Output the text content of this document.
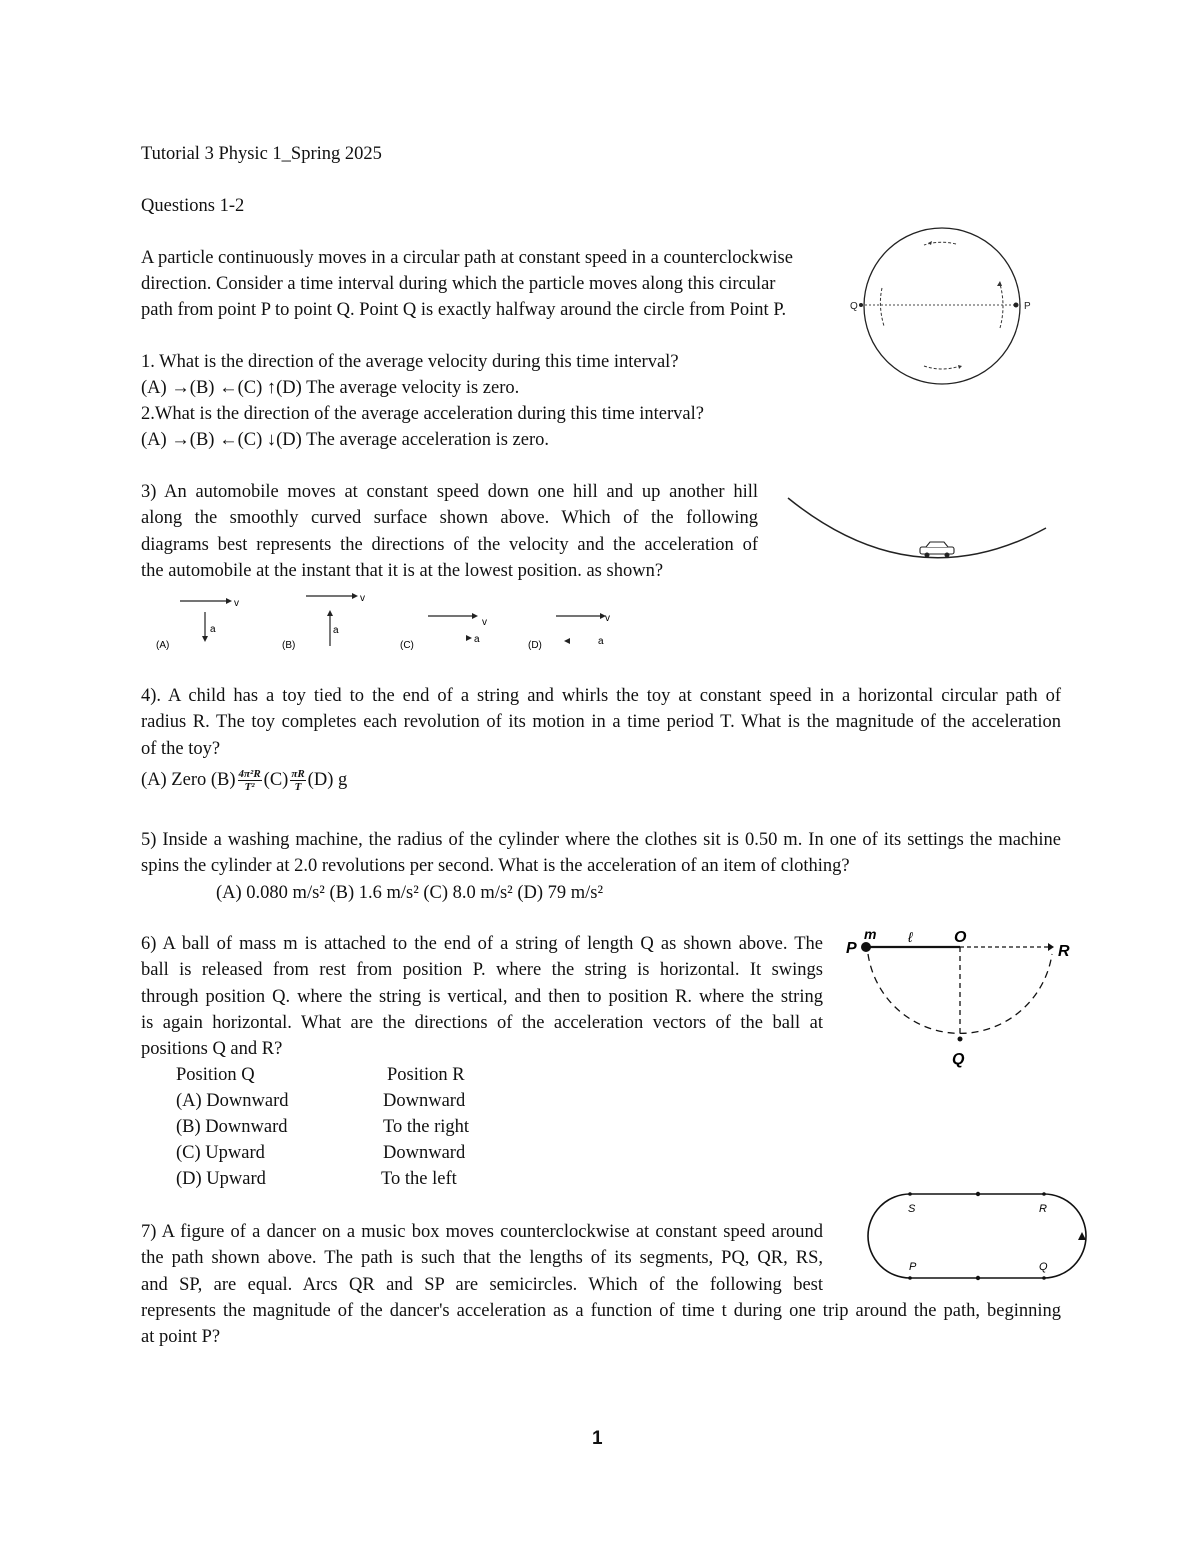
Tutorial 3 Physic 1_Spring 2025
Questions 1-2
A particle continuously moves in a circular path at constant speed in a counterclockwise
direction. Consider a time interval during which the particle moves along this circular
path from point P to point Q. Point Q is exactly halfway around the circle from Point P.	Q	P
1. What is the direction of the average velocity during this time interval?
(A) →(B) ←(C) ↑(D) The average velocity is zero.
2.What is the direction of the average acceleration during this time interval?
(A) →(B) ←(C) ↓(D) The average acceleration is zero.
3) An automobile moves at constant speed down one hill and up another hill
along the smoothly curved surface shown above. Which of the following
diagrams best represents the directions of the velocity and the acceleration of
the automobile at the instant that it is at the lowest position. as shown?
v
a
(A)
v
a
(B)
v
a
(C)
v
a
(D)
4). A child has a toy tied to the end of a string and whirls the toy at constant speed in a horizontal circular path of
radius R. The toy completes each revolution of its motion in a time period T. What is the magnitude of the acceleration
of the toy?
(A) Zero $(B) \frac{\text{4π²R}}{\text{T²}} (C) \frac{\pi R}{T} (D)$ g
5) Inside a washing machine, the radius of the cylinder where the clothes sit is 0.50 m. In one of its settings the machine
spins the cylinder at 2.0 revolutions per second. What is the acceleration of an item of clothing?
(A) 0.080 m/s² (B) 1.6 m/s² (C) 8.0 m/s² (D) 79 m/s²
6) A ball of mass m is attached to the end of a string of length Q as shown above. The
ball is released from rest from position P. where the string is horizontal. It swings
through position Q. where the string is vertical, and then to position R. where the string
is again horizontal. What are the directions of the acceleration vectors of the ball at
positions Q and R?
Position Q	Position R
(A) Downward	Downward
(B) Downward	To the right
(C) Upward	Downward
(D) Upward	To the left
P
m ℓ	O
R
Q
7) A figure of a dancer on a music box moves counterclockwise at constant speed around
the path shown above. The path is such that the lengths of its segments, PQ, QR, RS,
and SP, are equal. Arcs QR and SP are semicircles. Which of the following best
represents the magnitude of the dancer's acceleration as a function of time t during one trip around the path, beginning
at point P?
S	R
P	Q
1
